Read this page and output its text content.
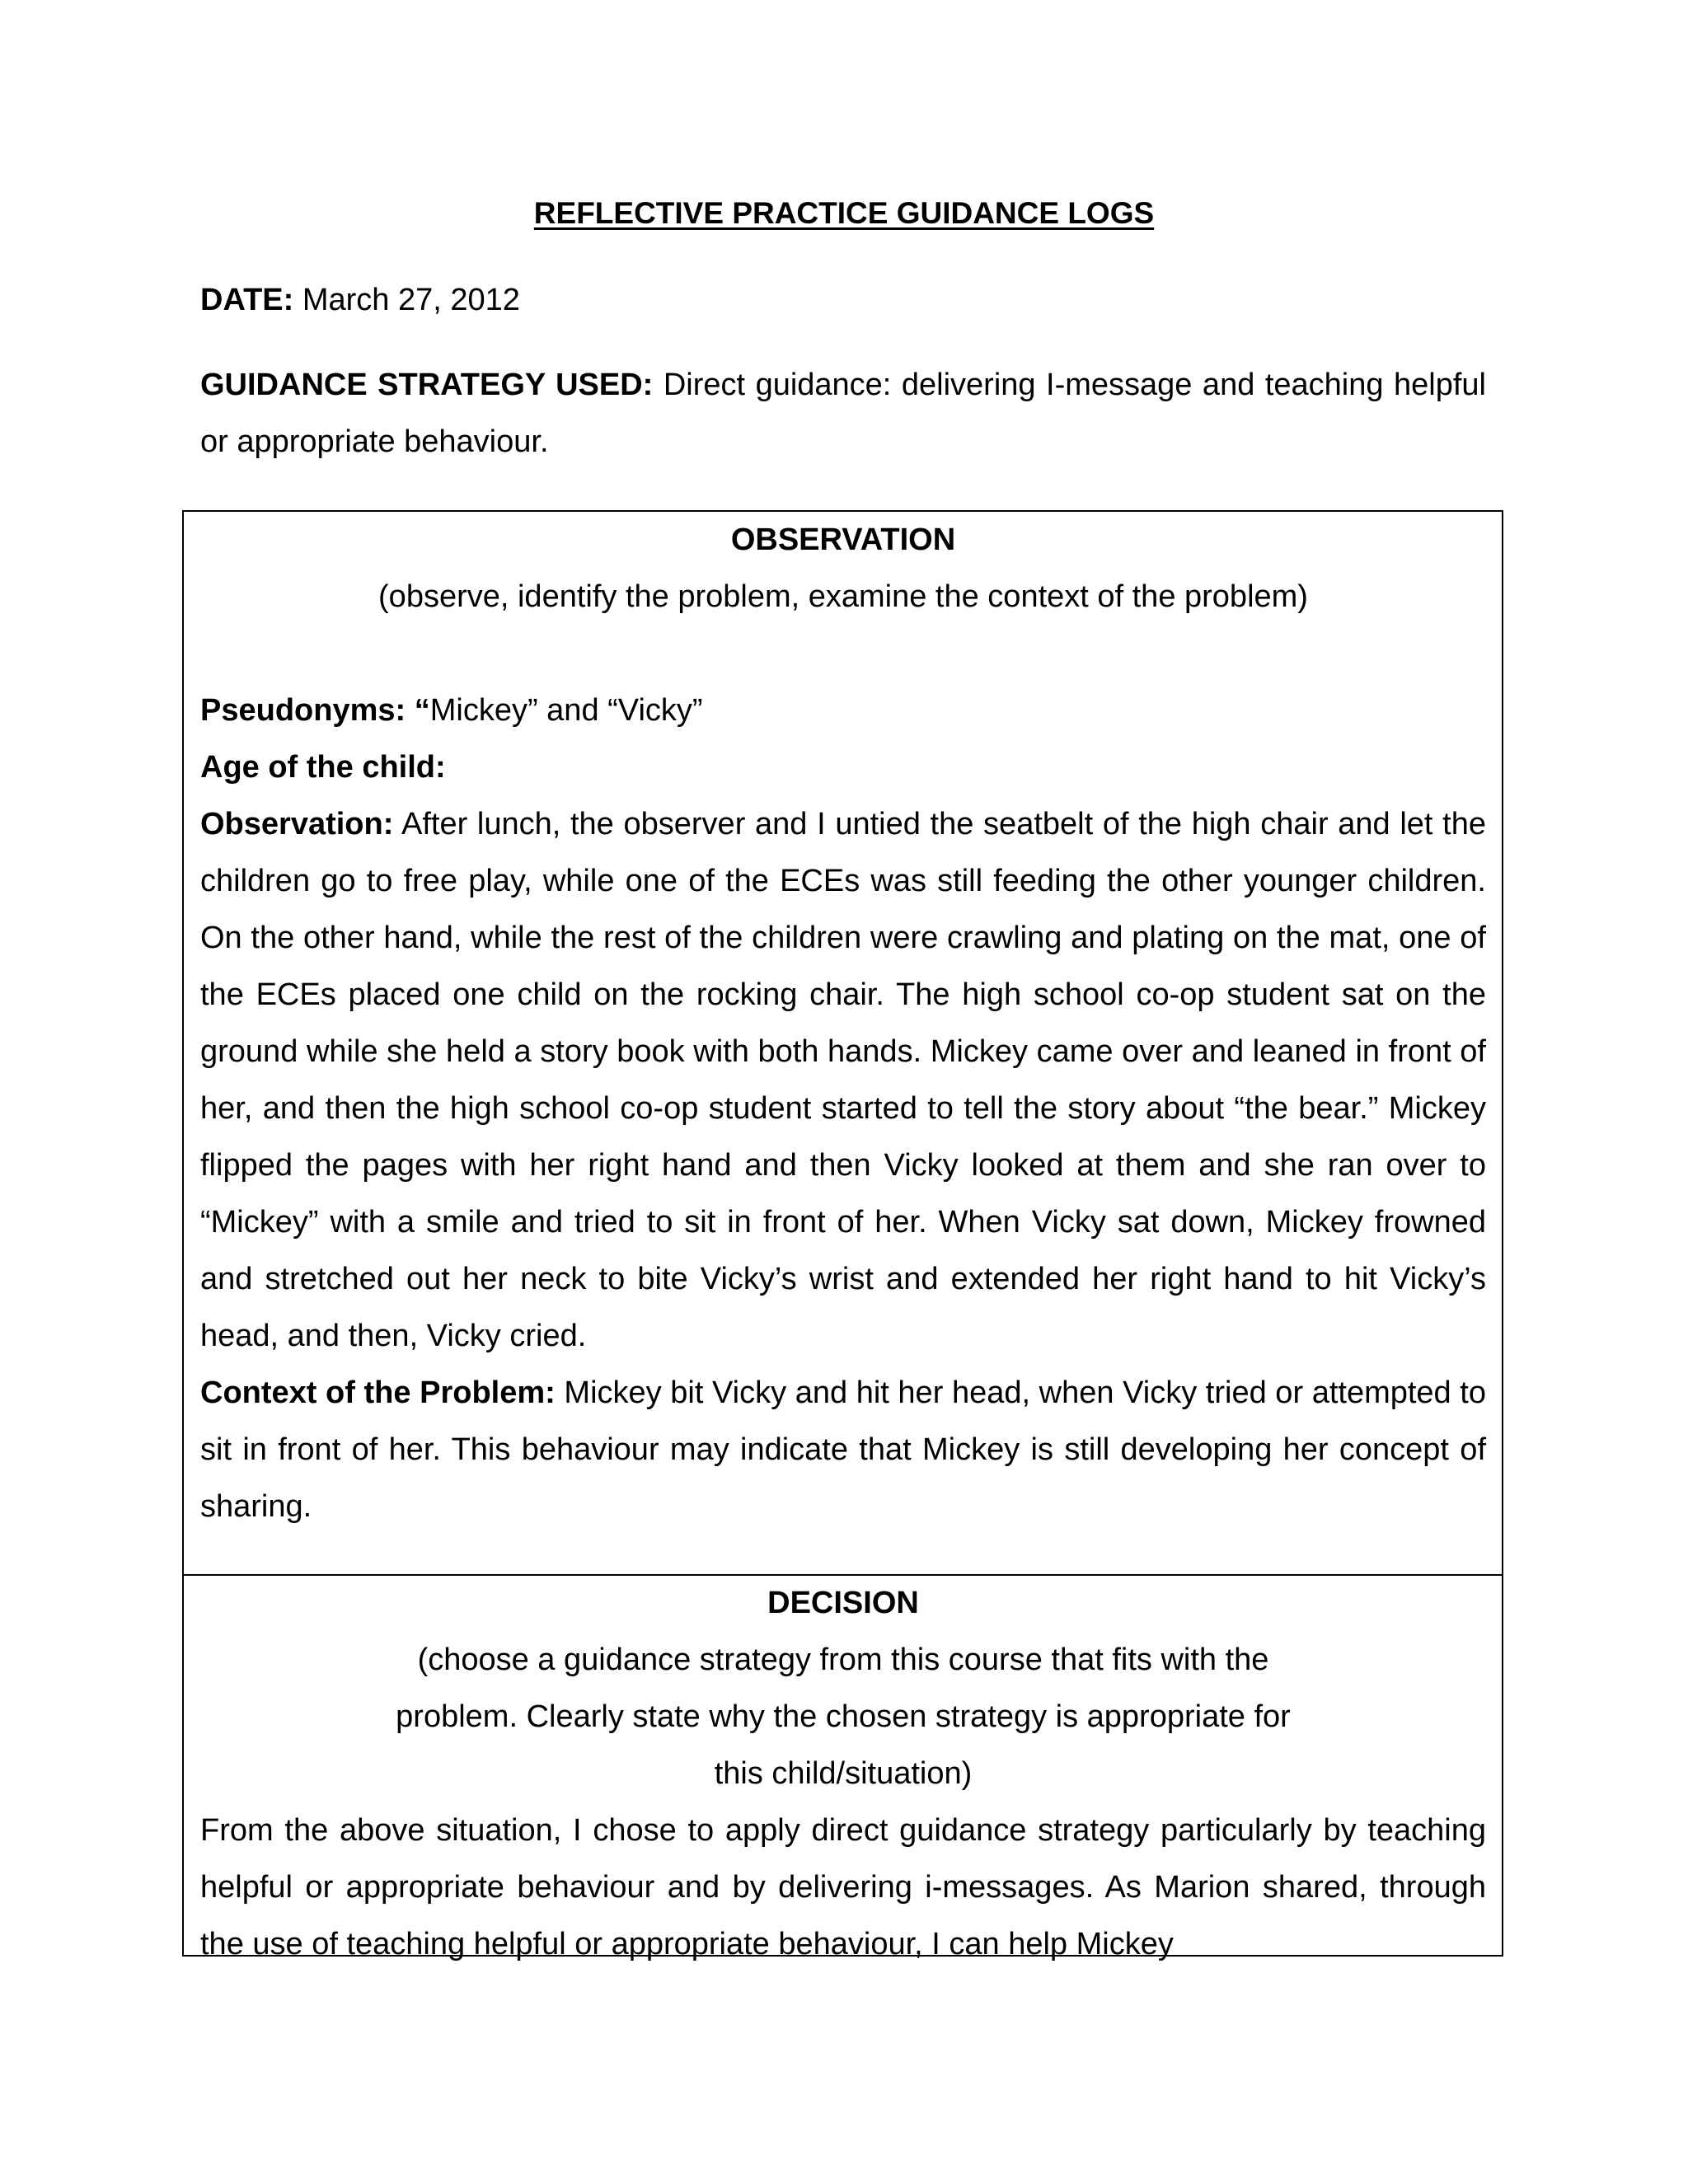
REFLECTIVE PRACTICE GUIDANCE LOGS
DATE: March 27, 2012
GUIDANCE STRATEGY USED: Direct guidance: delivering I-message and teaching helpful or appropriate behaviour.
OBSERVATION
(observe, identify the problem, examine the context of the problem)
Pseudonyms: “Mickey” and “Vicky”
Age of the child:

Observation: After lunch, the observer and I untied the seatbelt of the high chair and let the children go to free play, while one of the ECEs was still feeding the other younger children. On the other hand, while the rest of the children were crawling and plating on the mat, one of the ECEs placed one child on the rocking chair. The high school co-op student sat on the ground while she held a story book with both hands. Mickey came over and leaned in front of her, and then the high school co-op student started to tell the story about “the bear.” Mickey flipped the pages with her right hand and then Vicky looked at them and she ran over to “Mickey” with a smile and tried to sit in front of her. When Vicky sat down, Mickey frowned and stretched out her neck to bite Vicky’s wrist and extended her right hand to hit Vicky’s head, and then, Vicky cried.

Context of the Problem: Mickey bit Vicky and hit her head, when Vicky tried or attempted to sit in front of her. This behaviour may indicate that Mickey is still developing her concept of sharing.

DECISION
(choose a guidance strategy from this course that fits with the problem. Clearly state why the chosen strategy is appropriate for this child/situation)

From the above situation, I chose to apply direct guidance strategy particularly by teaching helpful or appropriate behaviour and by delivering i-messages. As Marion shared, through the use of teaching helpful or appropriate behaviour, I can help Mickey
